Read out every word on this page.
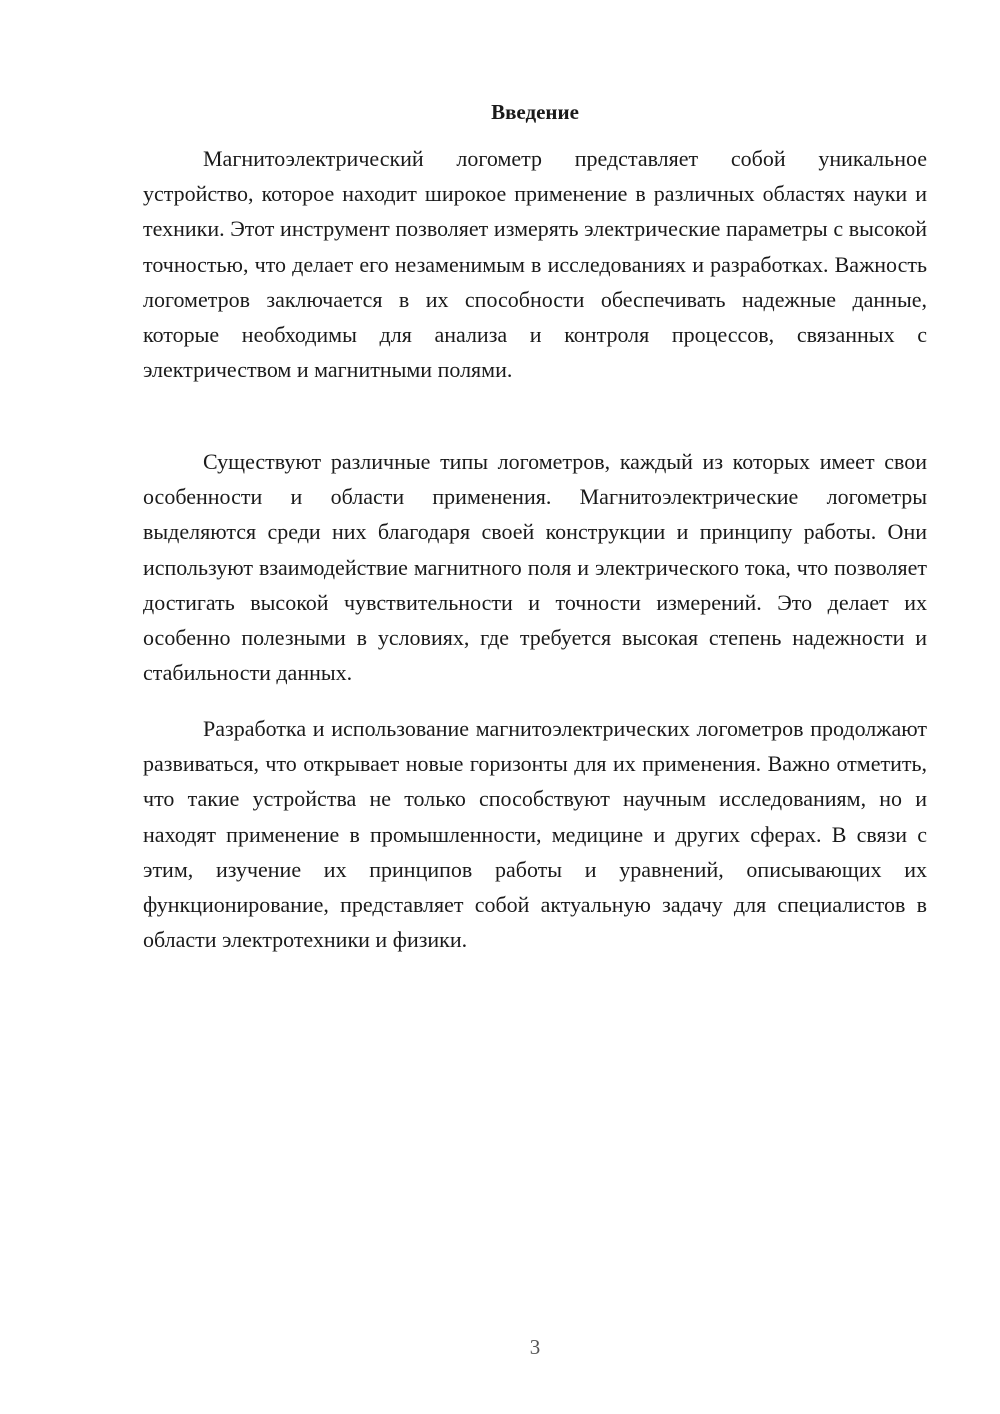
Введение

Магнитоэлектрический логометр представляет собой уникальное устройство, которое находит широкое применение в различных областях науки и техники. Этот инструмент позволяет измерять электрические параметры с высокой точностью, что делает его незаменимым в исследованиях и разработках. Важность логометров заключается в их способности обеспечивать надежные данные, которые необходимы для анализа и контроля процессов, связанных с электричеством и магнитными полями.

Существуют различные типы логометров, каждый из которых имеет свои особенности и области применения. Магнитоэлектрические логометры выделяются среди них благодаря своей конструкции и принципу работы. Они используют взаимодействие магнитного поля и электрического тока, что позволяет достигать высокой чувствительности и точности измерений. Это делает их особенно полезными в условиях, где требуется высокая степень надежности и стабильности данных.

Разработка и использование магнитоэлектрических логометров продолжают развиваться, что открывает новые горизонты для их применения. Важно отметить, что такие устройства не только способствуют научным исследованиям, но и находят применение в промышленности, медицине и других сферах. В связи с этим, изучение их принципов работы и уравнений, описывающих их функционирование, представляет собой актуальную задачу для специалистов в области электротехники и физики.

3
